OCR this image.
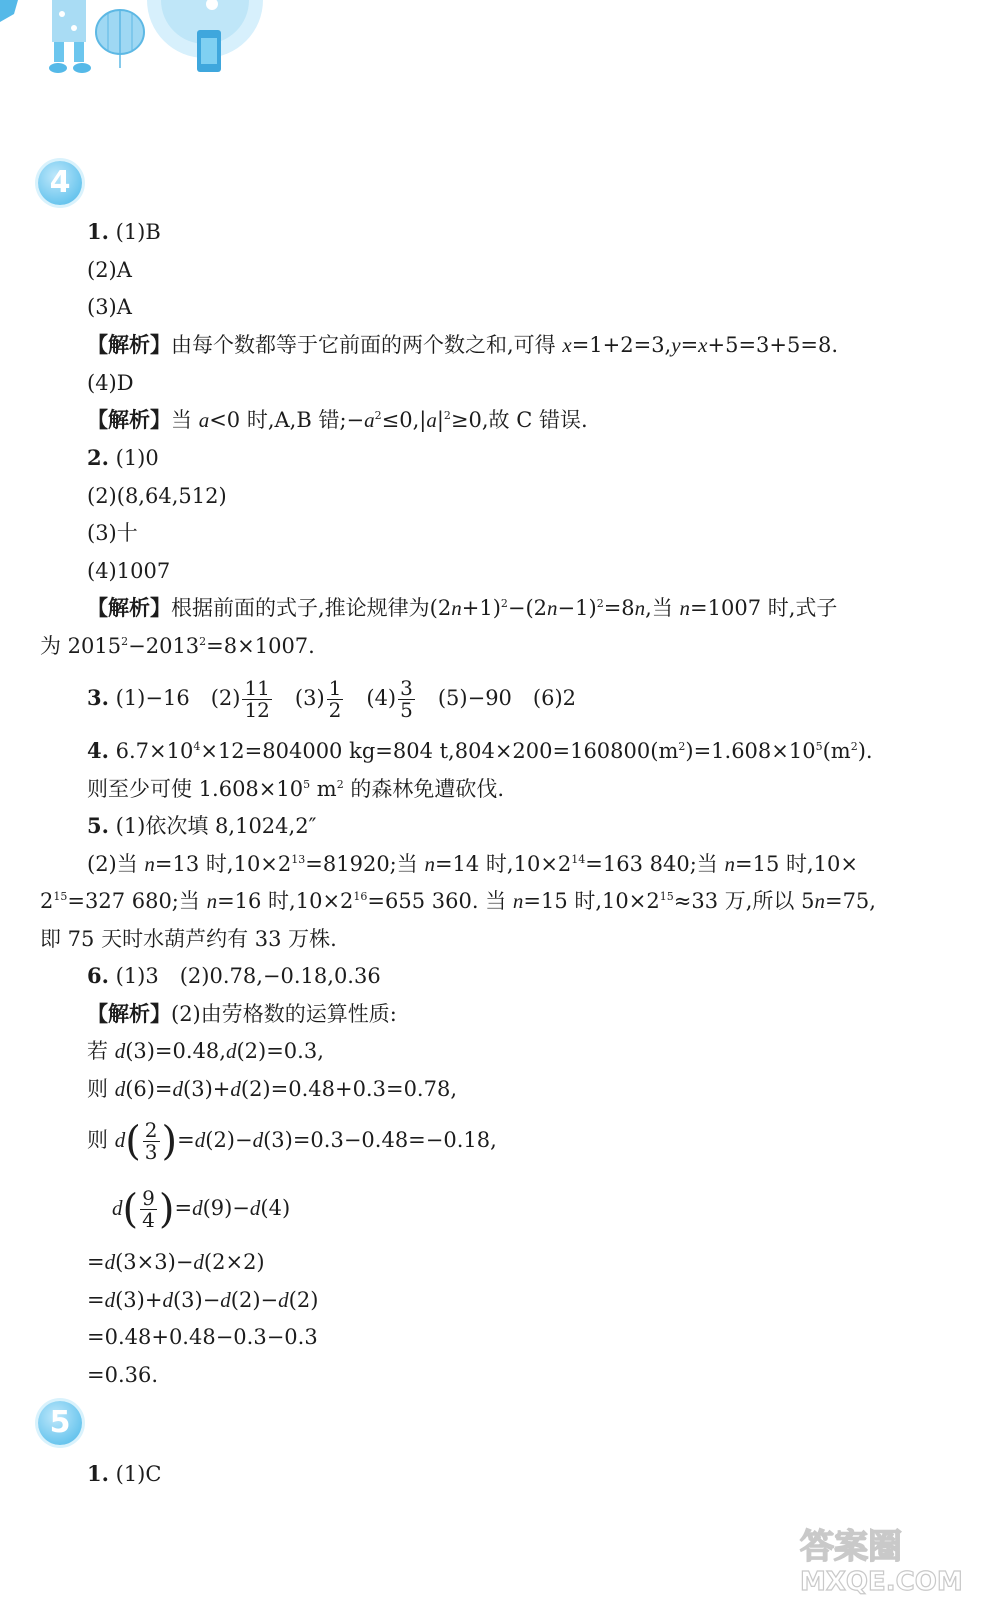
4
1. (1)B
(2)A
(3)A
【解析】由每个数都等于它前面的两个数之和,可得 x=1+2=3,y=x+5=3+5=8.
(4)D
【解析】当 a<0 时,A,B 错$;-a^2\le 0,|a|^2\ge 0$,故 C 错误.
2. (1)0
(2)(8,64,512)
(3)十
(4)1007
【解析】根据前面的式子,推论规律为$(2n+1)^2-(2n-1)^2=8n$,当 n=1007 时,式子
为 $2015^2-2013^2=8\times 1007$.
3. (1)−16　$(2) \frac{11}{12}$ 　$(3) \frac{1}{2}$ 　$(4) \frac{3}{5}$ 　(5)−90　(6)2
4. $6.7\times 10^4\times 12=804000$ kg=804 $t,804\times 200=160800(m^2)=1.608\times 10^5(m^2)$.
则至少可使 $1.608\times 10^5$ $m^2$ 的森林免遭砍伐.
5. (1)依次填 8,1024,2″
(2)当 n=13 时$,10\times 2^{13}=81920$;当 n=14 时$,10\times 2^{14}=163$ 840;当 n=15 时,10×
$2^{15}=327$ 680;当 n=16 时$,10\times 2^{16}=655$ 360. 当 n=15 时$,10\times 2^{15}\approx 33$ 万,所以 5n=75,
即 75 天时水葫芦约有 33 万株.
6. (1)3　(2)0.78,−0.18,0.36
【解析】(2)由劳格数的运算性质:
若 d(3)=0.48,d(2)=0.3,
则 d(6)=d(3)+d(2)=0.48+0.3=0.78,
则 $d( \frac{2}{3} )=d(2)-d(3)=0.3-0.48=-0.18$,
$d( \frac{9}{4} )=d(9)-d(4)$
=d(3×3)−d(2×2)
=d(3)+d(3)−d(2)−d(2)
=0.48+0.48−0.3−0.3
=0.36.
5
1. (1)C
答案圈
MXQE.COM
